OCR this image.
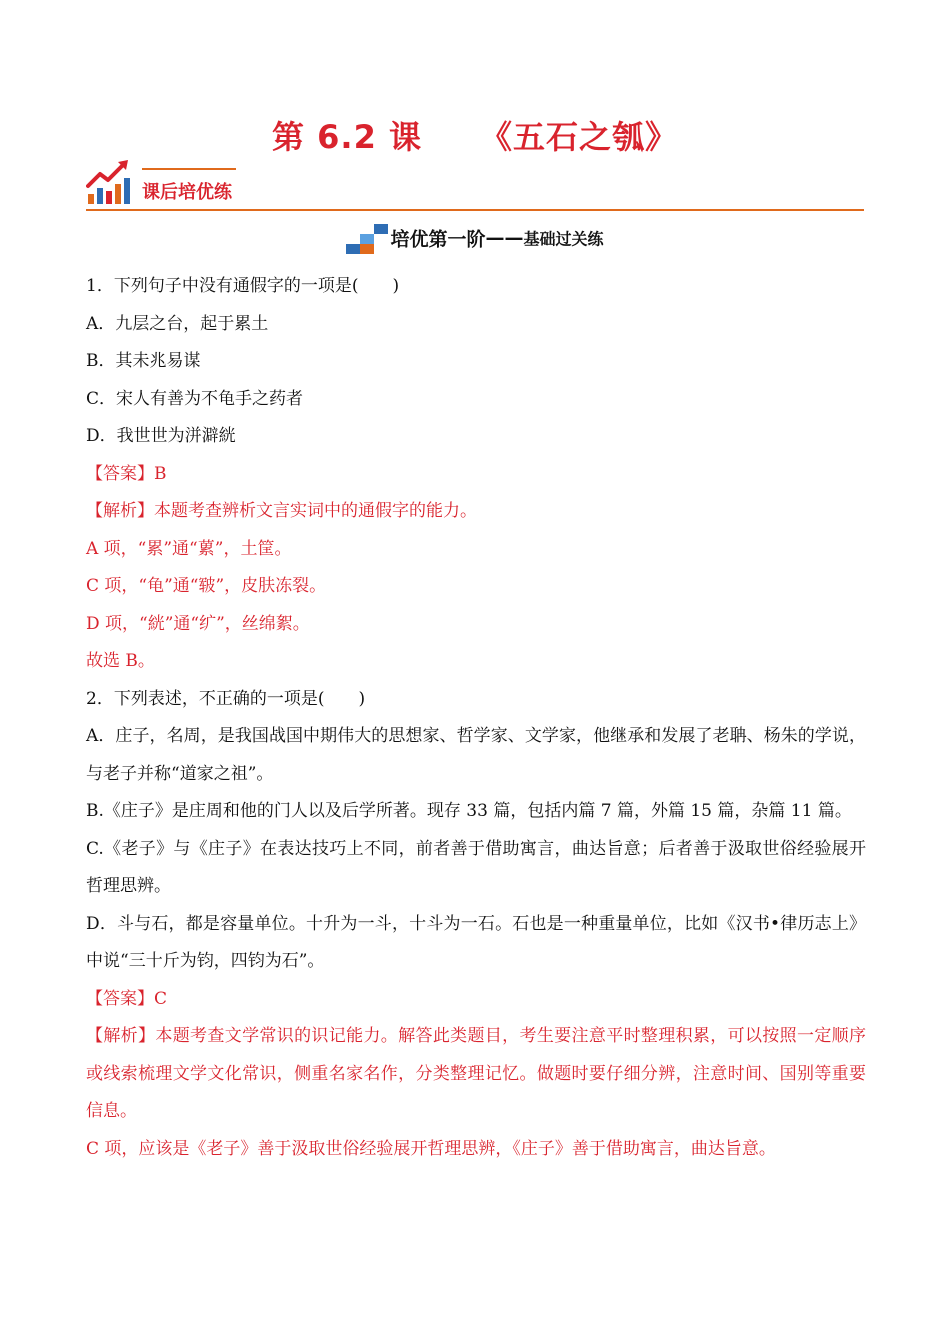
第 6.2 课 《五石之瓠》
课后培优练
培优第一阶——基础过关练

1．下列句子中没有通假字的一项是(　　)

A．九层之台，起于累土

B．其未兆易谋

C．宋人有善为不龟手之药者

D．我世世为洴澼絖

【答案】B

【解析】本题考查辨析文言实词中的通假字的能力。

A 项，“累”通“蔂”，土筐。

C 项，“龟”通“皲”，皮肤冻裂。

D 项，“絖”通“纩”，丝绵絮。

故选 B。

2．下列表述，不正确的一项是(　　)

A．庄子，名周，是我国战国中期伟大的思想家、哲学家、文学家，他继承和发展了老聃、杨朱的学说，与老子并称“道家之祖”。

B.《庄子》是庄周和他的门人以及后学所著。现存 33 篇，包括内篇 7 篇，外篇 15 篇，杂篇 11 篇。

C.《老子》与《庄子》在表达技巧上不同，前者善于借助寓言，曲达旨意；后者善于汲取世俗经验展开哲理思辨。

D．斗与石，都是容量单位。十升为一斗，十斗为一石。石也是一种重量单位，比如《汉书•律历志上》中说“三十斤为钧，四钧为石”。

【答案】C

【解析】本题考查文学常识的识记能力。解答此类题目，考生要注意平时整理积累，可以按照一定顺序或线索梳理文学文化常识，侧重名家名作，分类整理记忆。做题时要仔细分辨，注意时间、国别等重要信息。

C 项，应该是《老子》善于汲取世俗经验展开哲理思辨，《庄子》善于借助寓言，曲达旨意。
